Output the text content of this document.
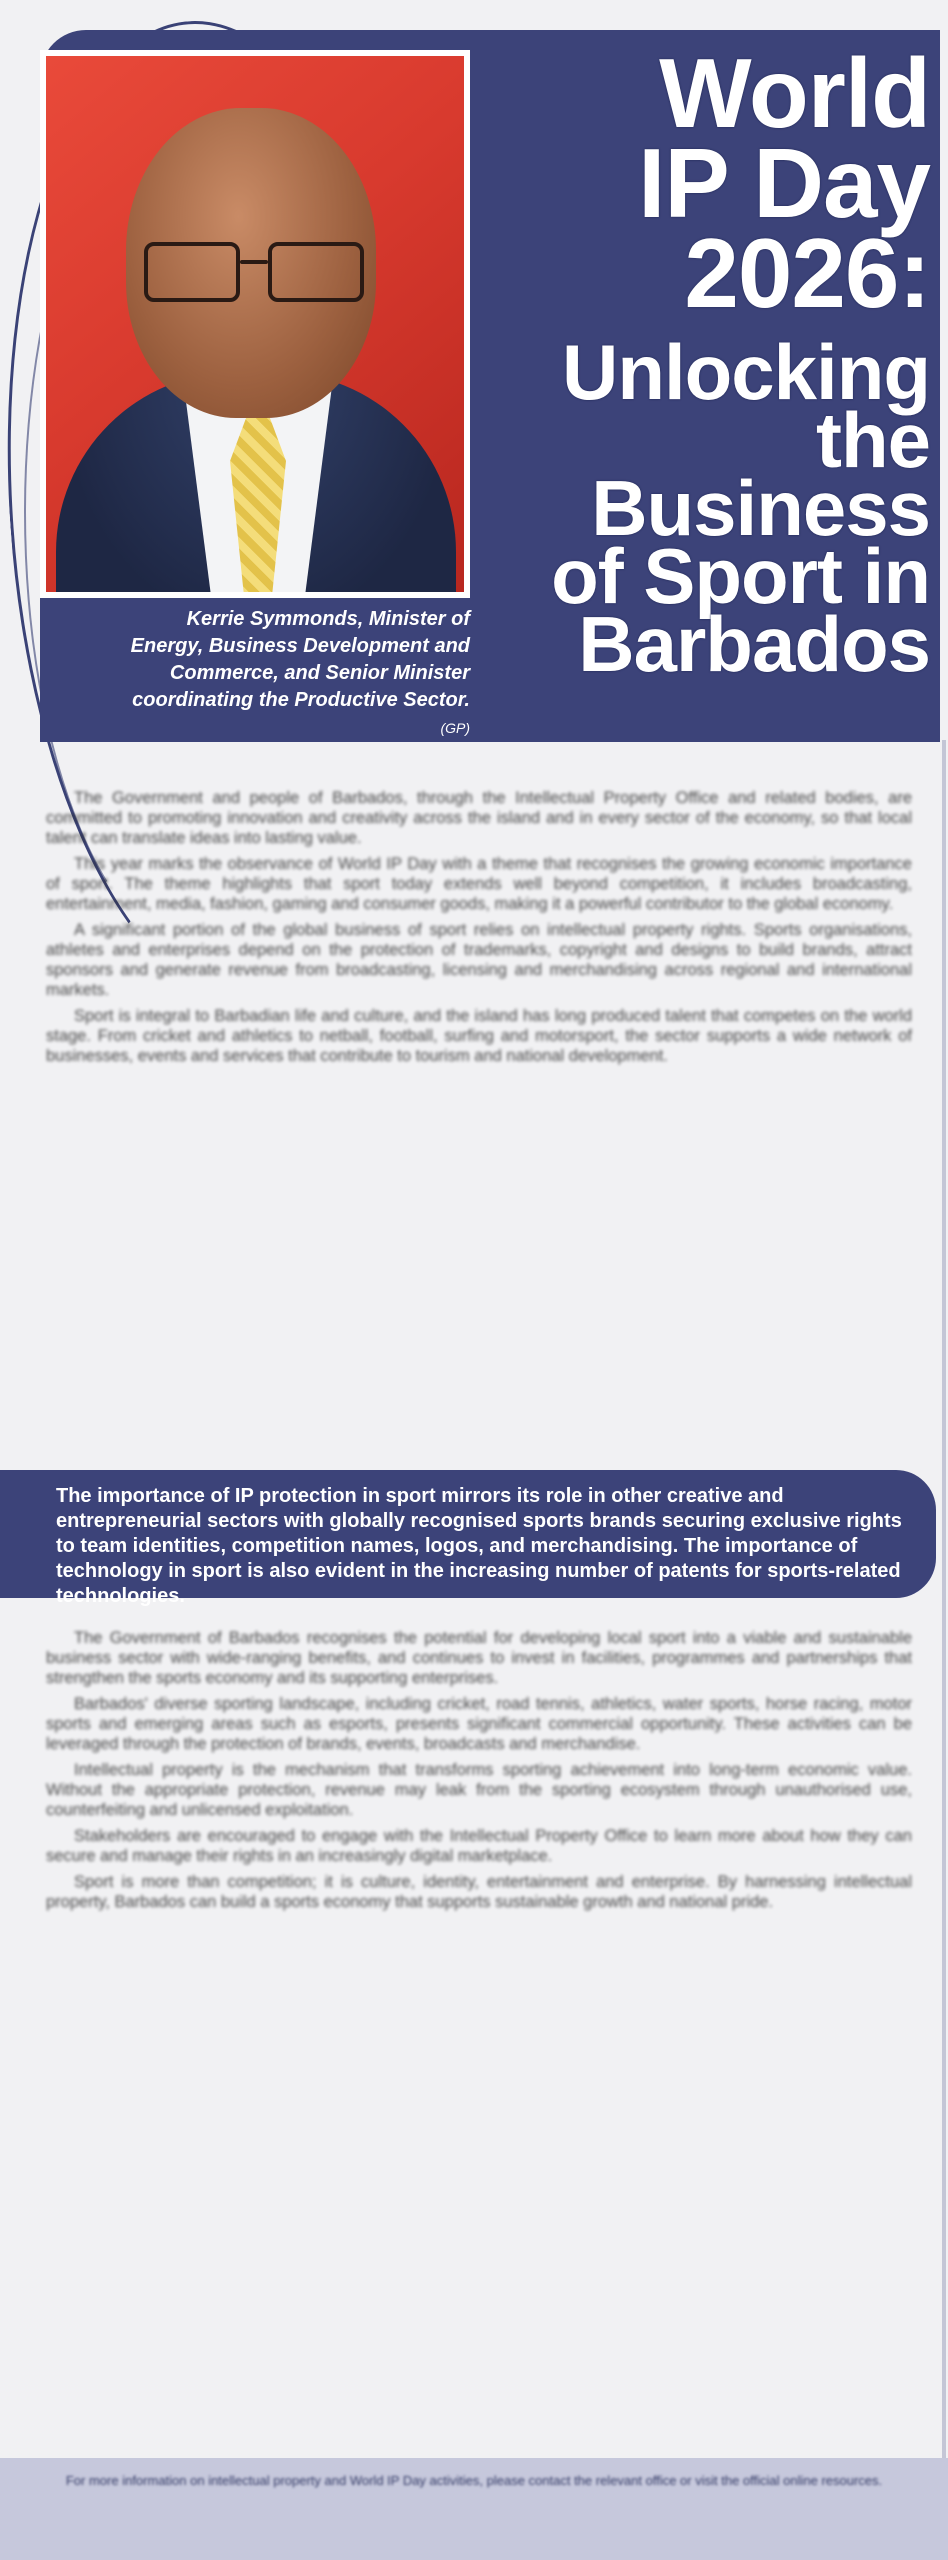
World
IP Day
2026:
Unlocking
the Business
of Sport in
Barbados
Kerrie Symmonds, Minister of Energy, Business Development and Commerce, and Senior Minister coordinating the Productive Sector. (GP)

The Government and people of Barbados, through the Intellectual Property Office and related bodies, are committed to promoting innovation and creativity across the island and in every sector of the economy, so that local talent can translate ideas into lasting value.

This year marks the observance of World IP Day with a theme that recognises the growing economic importance of sport. The theme highlights that sport today extends well beyond competition, it includes broadcasting, entertainment, media, fashion, gaming and consumer goods, making it a powerful contributor to the global economy.

A significant portion of the global business of sport relies on intellectual property rights. Sports organisations, athletes and enterprises depend on the protection of trademarks, copyright and designs to build brands, attract sponsors and generate revenue from broadcasting, licensing and merchandising across regional and international markets.

Sport is integral to Barbadian life and culture, and the island has long produced talent that competes on the world stage. From cricket and athletics to netball, football, surfing and motorsport, the sector supports a wide network of businesses, events and services that contribute to tourism and national development.

The importance of IP protection in sport mirrors its role in other creative and entrepreneurial sectors with globally recognised sports brands securing exclusive rights to team identities, competition names, logos, and merchandising. The importance of technology in sport is also evident in the increasing number of patents for sports-related technologies.

The Government of Barbados recognises the potential for developing local sport into a viable and sustainable business sector with wide-ranging benefits, and continues to invest in facilities, programmes and partnerships that strengthen the sports economy and its supporting enterprises.

Barbados' diverse sporting landscape, including cricket, road tennis, athletics, water sports, horse racing, motor sports and emerging areas such as esports, presents significant commercial opportunity. These activities can be leveraged through the protection of brands, events, broadcasts and merchandise.

Intellectual property is the mechanism that transforms sporting achievement into long-term economic value. Without the appropriate protection, revenue may leak from the sporting ecosystem through unauthorised use, counterfeiting and unlicensed exploitation.

Stakeholders are encouraged to engage with the Intellectual Property Office to learn more about how they can secure and manage their rights in an increasingly digital marketplace.

Sport is more than competition; it is culture, identity, entertainment and enterprise. By harnessing intellectual property, Barbados can build a sports economy that supports sustainable growth and national pride.

For more information on intellectual property and World IP Day activities, please contact the relevant office or visit the official online resources.
